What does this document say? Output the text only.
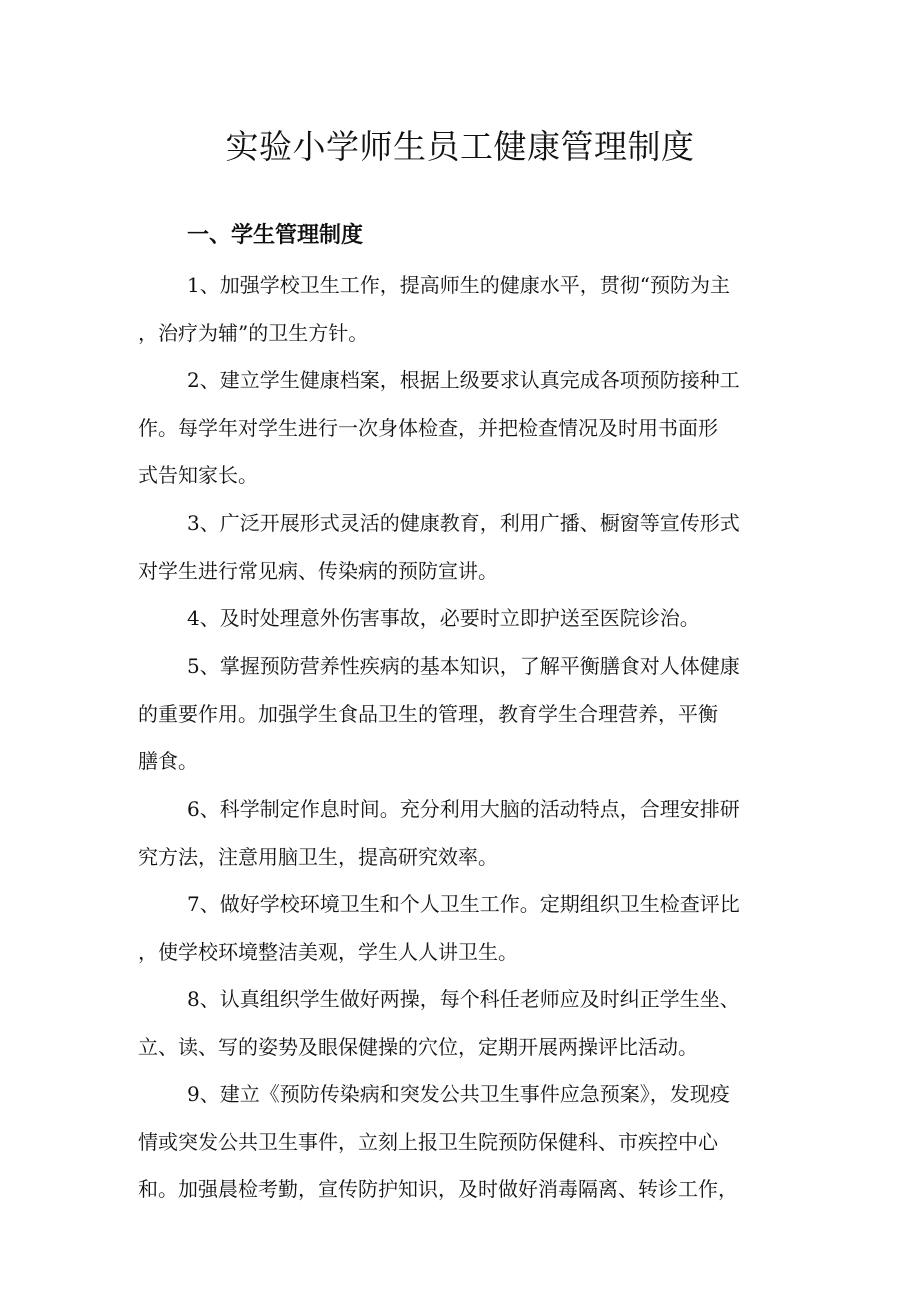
实验小学师生员工健康管理制度
一、学生管理制度

1、加强学校卫生工作，提高师生的健康水平，贯彻“预防为主
，治疗为辅”的卫生方针。

2、建立学生健康档案，根据上级要求认真完成各项预防接种工
作。每学年对学生进行一次身体检查，并把检查情况及时用书面形
式告知家长。

3、广泛开展形式灵活的健康教育，利用广播、橱窗等宣传形式
对学生进行常见病、传染病的预防宣讲。

4、及时处理意外伤害事故，必要时立即护送至医院诊治。

5、掌握预防营养性疾病的基本知识，了解平衡膳食对人体健康
的重要作用。加强学生食品卫生的管理，教育学生合理营养，平衡
膳食。

6、科学制定作息时间。充分利用大脑的活动特点，合理安排研
究方法，注意用脑卫生，提高研究效率。

7、做好学校环境卫生和个人卫生工作。定期组织卫生检查评比
，使学校环境整洁美观，学生人人讲卫生。

8、认真组织学生做好两操，每个科任老师应及时纠正学生坐、
立、读、写的姿势及眼保健操的穴位，定期开展两操评比活动。

9、建立《预防传染病和突发公共卫生事件应急预案》，发现疫
情或突发公共卫生事件，立刻上报卫生院预防保健科、市疾控中心
和。加强晨检考勤，宣传防护知识，及时做好消毒隔离、转诊工作，
